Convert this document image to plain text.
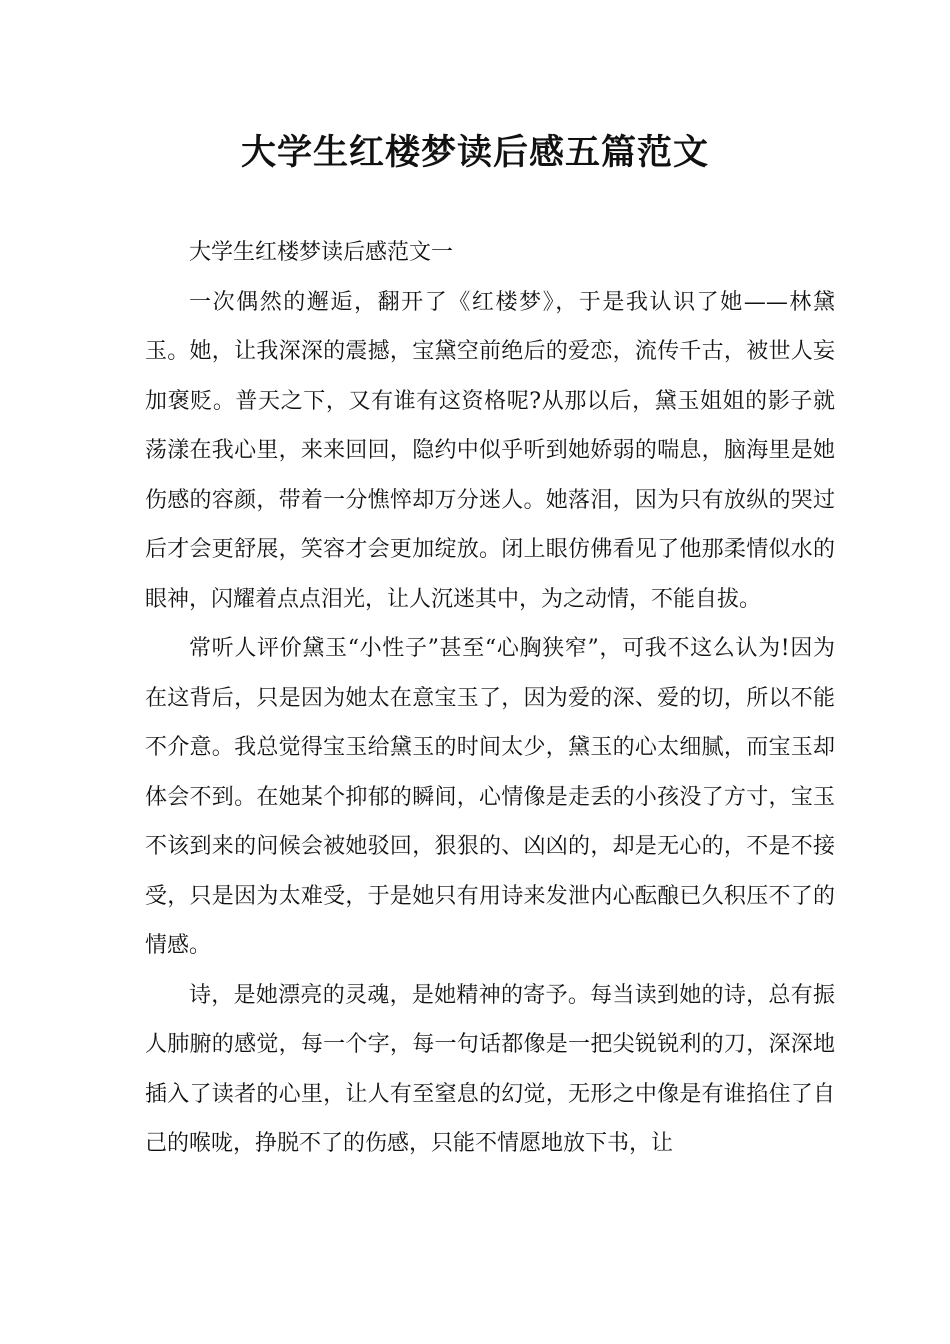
大学生红楼梦读后感五篇范文

大学生红楼梦读后感范文一

一次偶然的邂逅，翻开了《红楼梦》，于是我认识了她——林黛玉。她，让我深深的震撼，宝黛空前绝后的爱恋，流传千古，被世人妄加褒贬。普天之下，又有谁有这资格呢?从那以后，黛玉姐姐的影子就荡漾在我心里，来来回回，隐约中似乎听到她娇弱的喘息，脑海里是她伤感的容颜，带着一分憔悴却万分迷人。她落泪，因为只有放纵的哭过后才会更舒展，笑容才会更加绽放。闭上眼仿佛看见了他那柔情似水的眼神，闪耀着点点泪光，让人沉迷其中，为之动情，不能自拔。

常听人评价黛玉“小性子”甚至“心胸狭窄”，可我不这么认为!因为在这背后，只是因为她太在意宝玉了，因为爱的深、爱的切，所以不能不介意。我总觉得宝玉给黛玉的时间太少，黛玉的心太细腻，而宝玉却体会不到。在她某个抑郁的瞬间，心情像是走丢的小孩没了方寸，宝玉不该到来的问候会被她驳回，狠狠的、凶凶的，却是无心的，不是不接受，只是因为太难受，于是她只有用诗来发泄内心酝酿已久积压不了的情感。

诗，是她漂亮的灵魂，是她精神的寄予。每当读到她的诗，总有振人肺腑的感觉，每一个字，每一句话都像是一把尖锐锐利的刀，深深地插入了读者的心里，让人有至窒息的幻觉，无形之中像是有谁掐住了自己的喉咙，挣脱不了的伤感，只能不情愿地放下书，让
